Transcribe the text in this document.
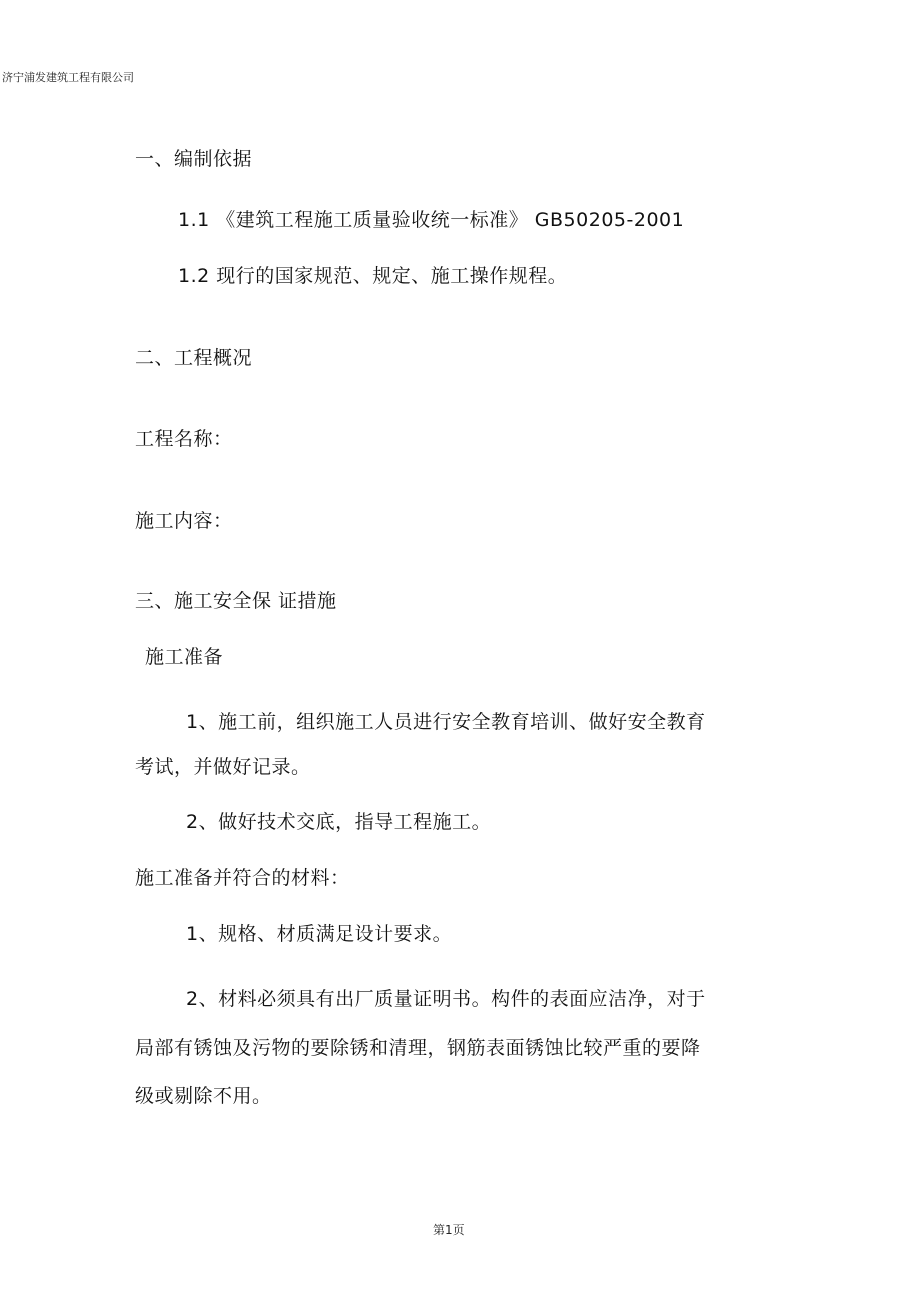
济宁浦发建筑工程有限公司
一、编制依据
1.1 《建筑工程施工质量验收统一标准》 GB50205-2001
1.2 现行的国家规范、规定、施工操作规程。
二、工程概况
工程名称：
施工内容：
三、施工安全保 证措施
施工准备
1、施工前，组织施工人员进行安全教育培训、做好安全教育
考试，并做好记录。
2、做好技术交底，指导工程施工。
施工准备并符合的材料：
1、规格、材质满足设计要求。
2、材料必须具有出厂质量证明书。构件的表面应洁净，对于
局部有锈蚀及污物的要除锈和清理，钢筋表面锈蚀比较严重的要降
级或剔除不用。
第1页
